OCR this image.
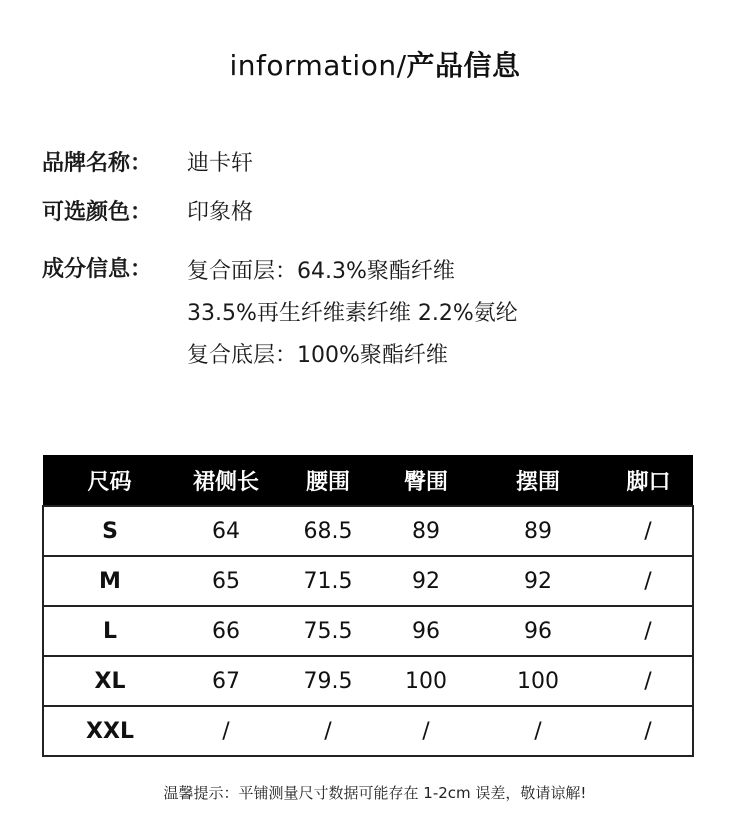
information/产品信息
品牌名称：	迪卡轩
可选颜色：	印象格
成分信息：	复合面层：64.3%聚酯纤维
33.5%再生纤维素纤维 2.2%氨纶
复合底层：100%聚酯纤维
尺码	裙侧长	腰围	臀围	摆围	脚口
S	64	68.5	89	89	/
M	65	71.5	92	92	/
L	66	75.5	96	96	/
XL	67	79.5	100	100	/
XXL	/	/	/	/	/
温馨提示：平铺测量尺寸数据可能存在 1-2cm 误差，敬请谅解!
